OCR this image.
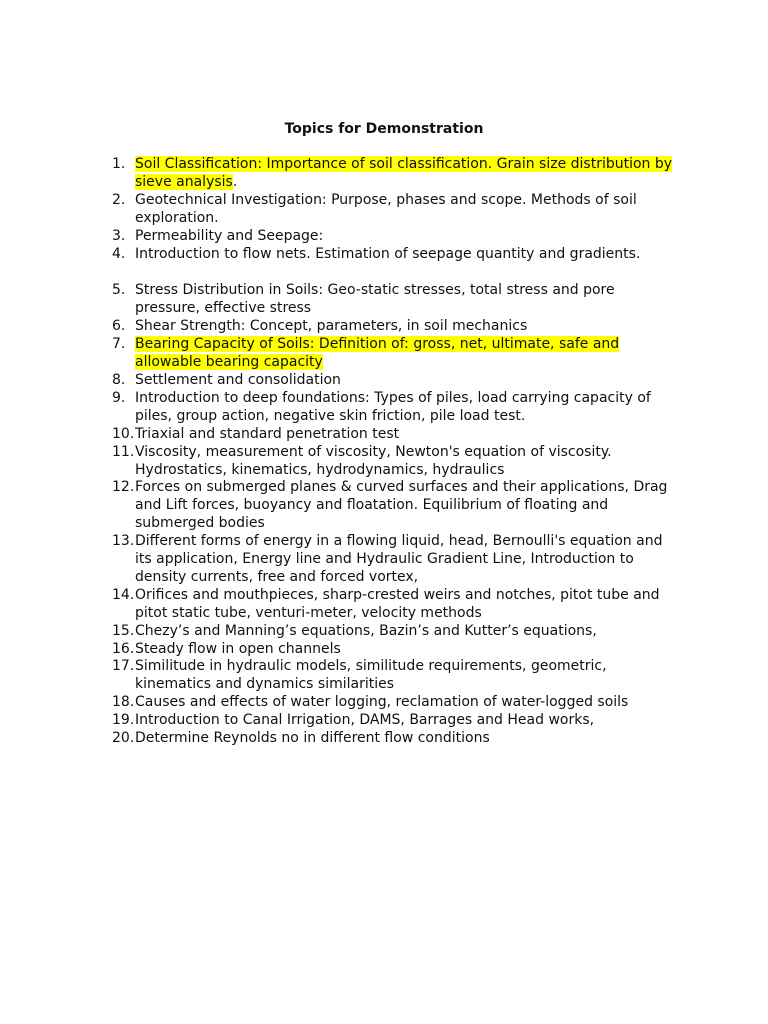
Topics for Demonstration
1. Soil Classification: Importance of soil classification. Grain size distribution by sieve analysis.
2. Geotechnical Investigation: Purpose, phases and scope. Methods of soil exploration.
3. Permeability and Seepage:
4. Introduction to flow nets. Estimation of seepage quantity and gradients.
5. Stress Distribution in Soils: Geo-static stresses, total stress and pore pressure, effective stress
6. Shear Strength: Concept, parameters, in soil mechanics
7. Bearing Capacity of Soils: Definition of: gross, net, ultimate, safe and allowable bearing capacity
8. Settlement and consolidation
9. Introduction to deep foundations: Types of piles, load carrying capacity of piles, group action, negative skin friction, pile load test.
10. Triaxial and standard penetration test
11. Viscosity, measurement of viscosity, Newton's equation of viscosity. Hydrostatics, kinematics, hydrodynamics, hydraulics
12. Forces on submerged planes & curved surfaces and their applications, Drag and Lift forces, buoyancy and floatation. Equilibrium of floating and submerged bodies
13. Different forms of energy in a flowing liquid, head, Bernoulli's equation and its application, Energy line and Hydraulic Gradient Line, Introduction to density currents, free and forced vortex,
14. Orifices and mouthpieces, sharp-crested weirs and notches, pitot tube and pitot static tube, venturi-meter, velocity methods
15. Chezy’s and Manning’s equations, Bazin’s and Kutter’s equations,
16. Steady flow in open channels
17. Similitude in hydraulic models, similitude requirements, geometric, kinematics and dynamics similarities
18. Causes and effects of water logging, reclamation of water-logged soils
19. Introduction to Canal Irrigation, DAMS, Barrages and Head works,
20. Determine Reynolds no in different flow conditions
